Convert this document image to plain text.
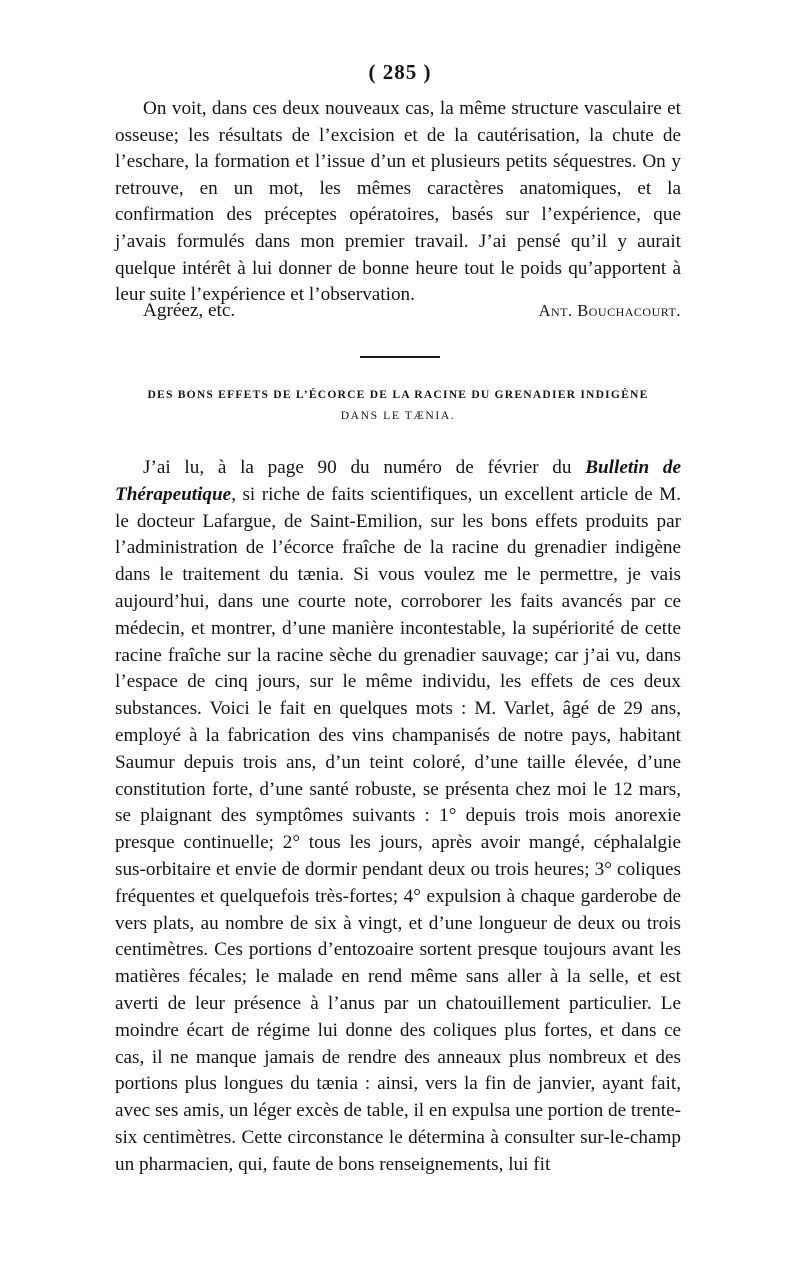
( 285 )

On voit, dans ces deux nouveaux cas, la même structure vasculaire et osseuse; les résultats de l’excision et de la cautérisation, la chute de l’eschare, la formation et l’issue d’un et plusieurs petits séquestres. On y retrouve, en un mot, les mêmes caractères anatomiques, et la confirmation des préceptes opératoires, basés sur l’expérience, que j’avais formulés dans mon premier travail. J’ai pensé qu’il y aurait quelque intérêt à lui donner de bonne heure tout le poids qu’apportent à leur suite l’expérience et l’observation.

Agréez, etc.	Ant. Bouchacourt.
DES BONS EFFETS DE L’ÉCORCE DE LA RACINE DU GRENADIER INDIGÈNE
DANS LE TÆNIA.

J’ai lu, à la page 90 du numéro de février du Bulletin de Thérapeutique, si riche de faits scientifiques, un excellent article de M. le docteur Lafargue, de Saint-Emilion, sur les bons effets produits par l’administration de l’écorce fraîche de la racine du grenadier indigène dans le traitement du tænia. Si vous voulez me le permettre, je vais aujourd’hui, dans une courte note, corroborer les faits avancés par ce médecin, et montrer, d’une manière incontestable, la supériorité de cette racine fraîche sur la racine sèche du grenadier sauvage; car j’ai vu, dans l’espace de cinq jours, sur le même individu, les effets de ces deux substances. Voici le fait en quelques mots : M. Varlet, âgé de 29 ans, employé à la fabrication des vins champanisés de notre pays, habitant Saumur depuis trois ans, d’un teint coloré, d’une taille élevée, d’une constitution forte, d’une santé robuste, se présenta chez moi le 12 mars, se plaignant des symptômes suivants : 1° depuis trois mois anorexie presque continuelle; 2° tous les jours, après avoir mangé, céphalalgie sus-orbitaire et envie de dormir pendant deux ou trois heures; 3° coliques fréquentes et quelquefois très-fortes; 4° expulsion à chaque garderobe de vers plats, au nombre de six à vingt, et d’une longueur de deux ou trois centimètres. Ces portions d’entozoaire sortent presque toujours avant les matières fécales; le malade en rend même sans aller à la selle, et est averti de leur présence à l’anus par un chatouillement particulier. Le moindre écart de régime lui donne des coliques plus fortes, et dans ce cas, il ne manque jamais de rendre des anneaux plus nombreux et des portions plus longues du tænia : ainsi, vers la fin de janvier, ayant fait, avec ses amis, un léger excès de table, il en expulsa une portion de trente-six centimètres. Cette circonstance le détermina à consulter sur-le-champ un pharmacien, qui, faute de bons renseignements, lui fit
